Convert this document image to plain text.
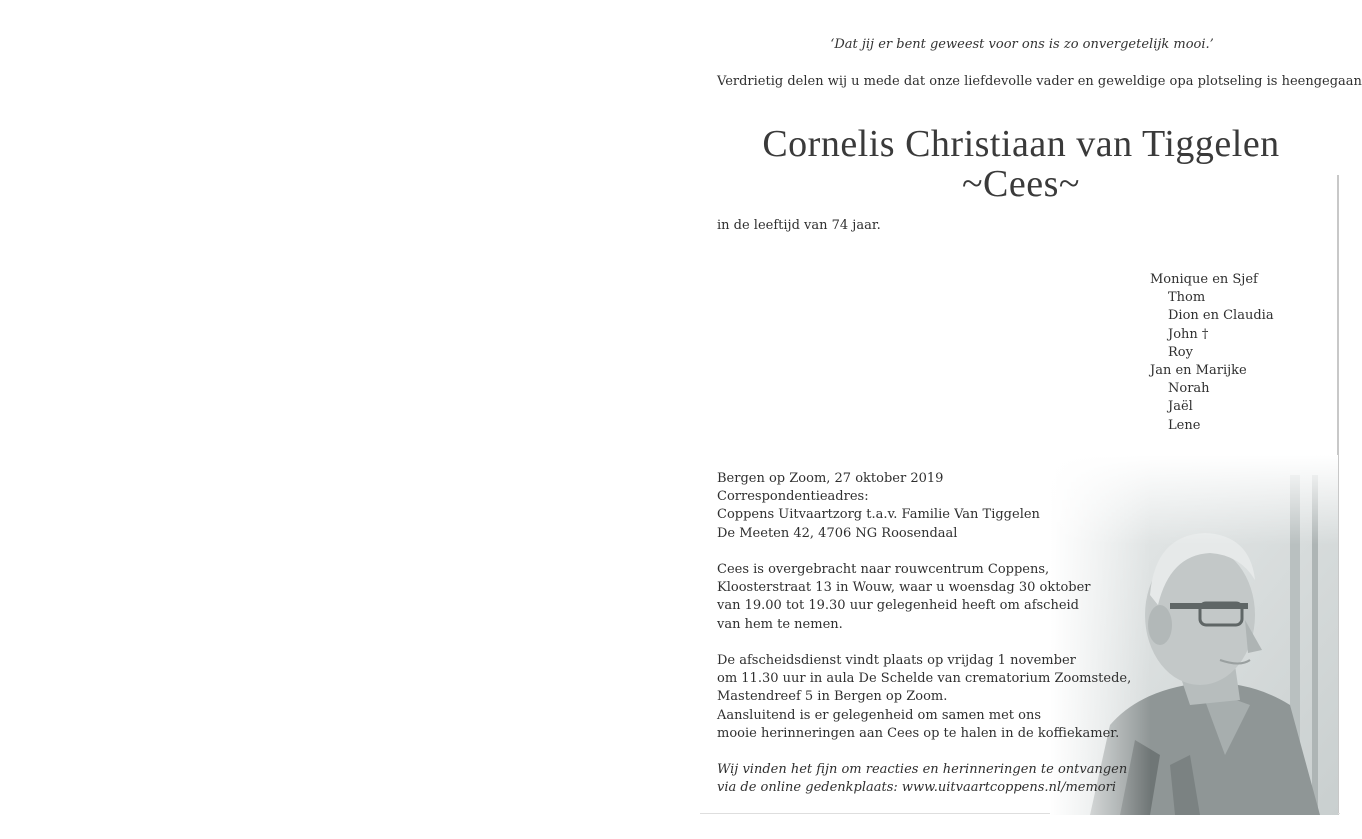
‘Dat jij er bent geweest voor ons is zo onvergetelijk mooi.’
Verdrietig delen wij u mede dat onze liefdevolle vader en geweldige opa plotseling is heengegaan
Cornelis Christiaan van Tiggelen
~Cees~
in de leeftijd van 74 jaar.
Monique en Sjef
Thom
Dion en Claudia
John †
Roy
Jan en Marijke
Norah
Jaël
Lene
Bergen op Zoom, 27 oktober 2019
Correspondentieadres:
Coppens Uitvaartzorg t.a.v. Familie Van Tiggelen
De Meeten 42, 4706 NG Roosendaal
Cees is overgebracht naar rouwcentrum Coppens,
Kloosterstraat 13 in Wouw, waar u woensdag 30 oktober
van 19.00 tot 19.30 uur gelegenheid heeft om afscheid
van hem te nemen.
De afscheidsdienst vindt plaats op vrijdag 1 november
om 11.30 uur in aula De Schelde van crematorium Zoomstede,
Mastendreef 5 in Bergen op Zoom.
Aansluitend is er gelegenheid om samen met ons
mooie herinneringen aan Cees op te halen in de koffiekamer.
Wij vinden het fijn om reacties en herinneringen te ontvangen
via de online gedenkplaats: www.uitvaartcoppens.nl/memori
